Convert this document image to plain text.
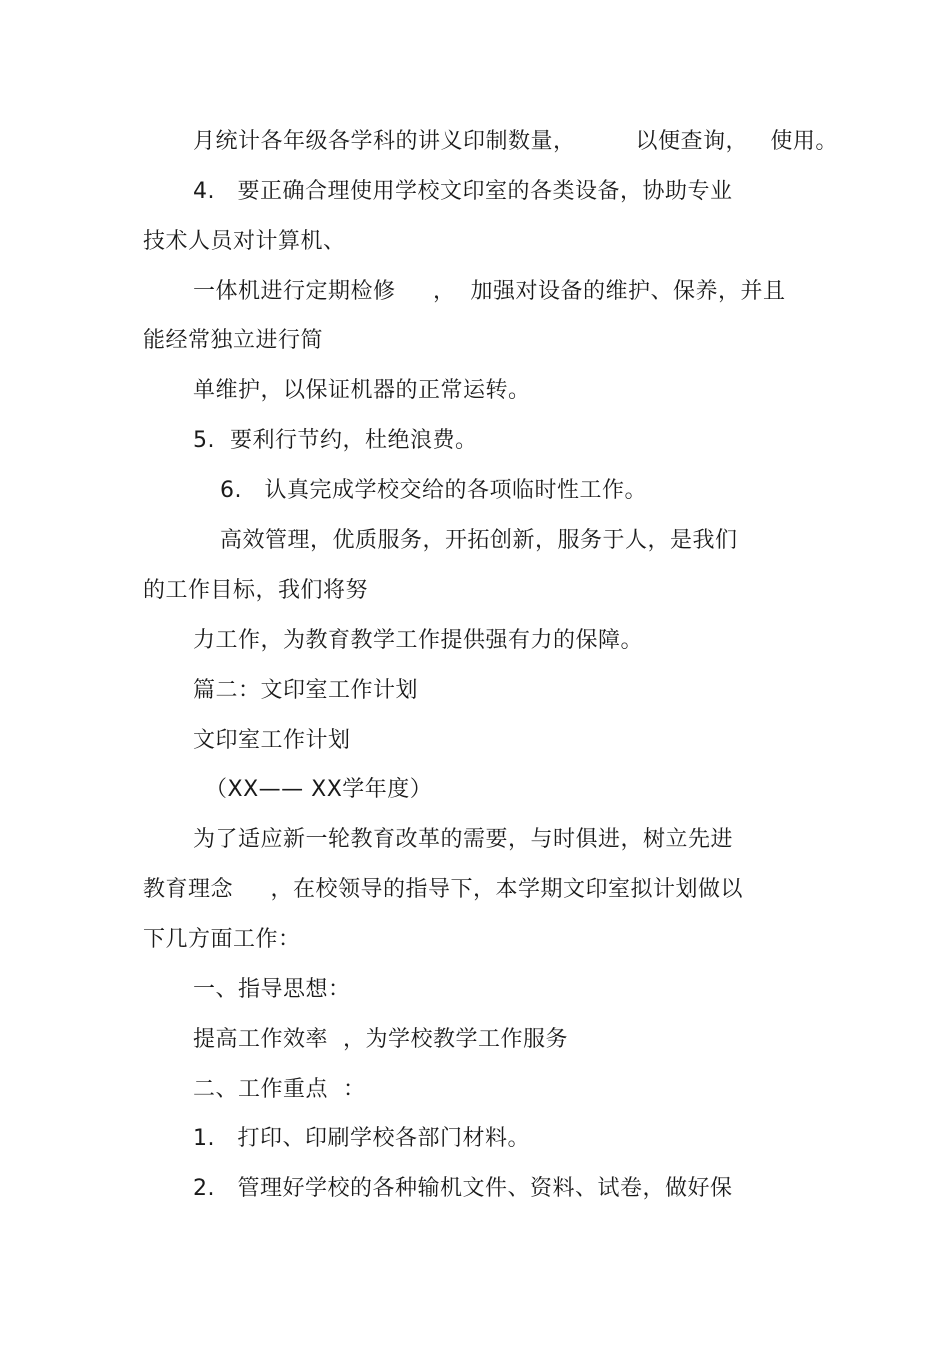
月统计各年级各学科的讲义印制数量，        以便查询，   使用。
4.   要正确合理使用学校文印室的各类设备，协助专业
技术人员对计算机、
一体机进行定期检修     ，  加强对设备的维护、保养，并且
能经常独立进行简
单维护，以保证机器的正常运转。
5.  要利行节约，杜绝浪费。
6.   认真完成学校交给的各项临时性工作。
高效管理，优质服务，开拓创新，服务于人，是我们
的工作目标，我们将努
力工作，为教育教学工作提供强有力的保障。
篇二：文印室工作计划
文印室工作计划
（XX—— XX学年度）
为了适应新一轮教育改革的需要，与时俱进，树立先进
教育理念     ，在校领导的指导下，本学期文印室拟计划做以
下几方面工作：
一、指导思想：
提高工作效率  ，为学校教学工作服务
二、工作重点  ：
1.   打印、印刷学校各部门材料。
2.   管理好学校的各种输机文件、资料、试卷，做好保
